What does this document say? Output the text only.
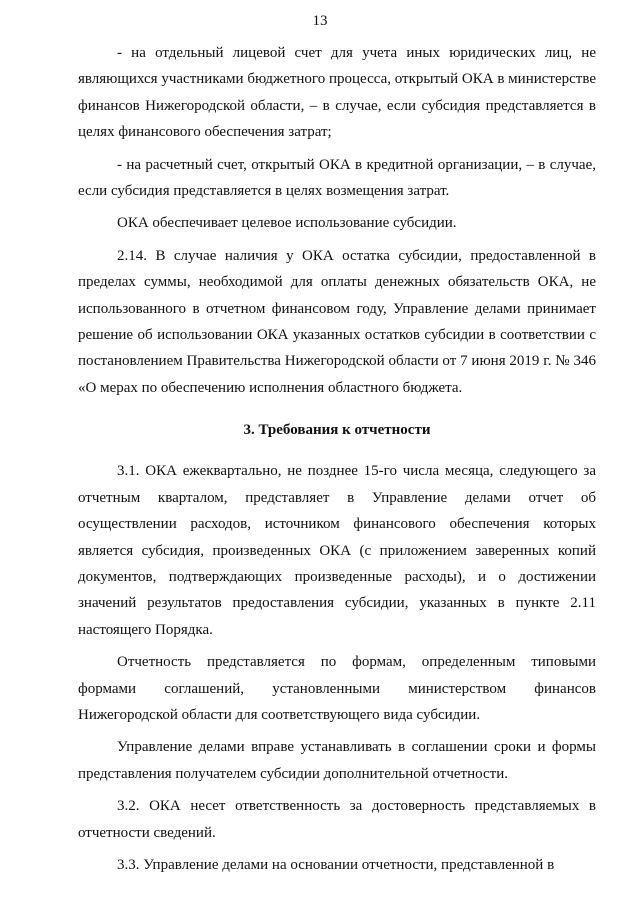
13

- на отдельный лицевой счет для учета иных юридических лиц, не являющихся участниками бюджетного процесса, открытый ОКА в министерстве финансов Нижегородской области, – в случае, если субсидия представляется в целях финансового обеспечения затрат;

- на расчетный счет, открытый ОКА в кредитной организации, – в случае, если субсидия представляется в целях возмещения затрат.

ОКА обеспечивает целевое использование субсидии.

2.14. В случае наличия у ОКА остатка субсидии, предоставленной в пределах суммы, необходимой для оплаты денежных обязательств ОКА, не использованного в отчетном финансовом году, Управление делами принимает решение об использовании ОКА указанных остатков субсидии в соответствии с постановлением Правительства Нижегородской области от 7 июня 2019 г. № 346 «О мерах по обеспечению исполнения областного бюджета.

3. Требования к отчетности

3.1. ОКА ежеквартально, не позднее 15-го числа месяца, следующего за отчетным кварталом, представляет в Управление делами отчет об осуществлении расходов, источником финансового обеспечения которых является субсидия, произведенных ОКА (с приложением заверенных копий документов, подтверждающих произведенные расходы), и о достижении значений результатов предоставления субсидии, указанных в пункте 2.11 настоящего Порядка.

Отчетность представляется по формам, определенным типовыми формами соглашений, установленными министерством финансов Нижегородской области для соответствующего вида субсидии.

Управление делами вправе устанавливать в соглашении сроки и формы представления получателем субсидии дополнительной отчетности.

3.2. ОКА несет ответственность за достоверность представляемых в отчетности сведений.

3.3. Управление делами на основании отчетности, представленной в
